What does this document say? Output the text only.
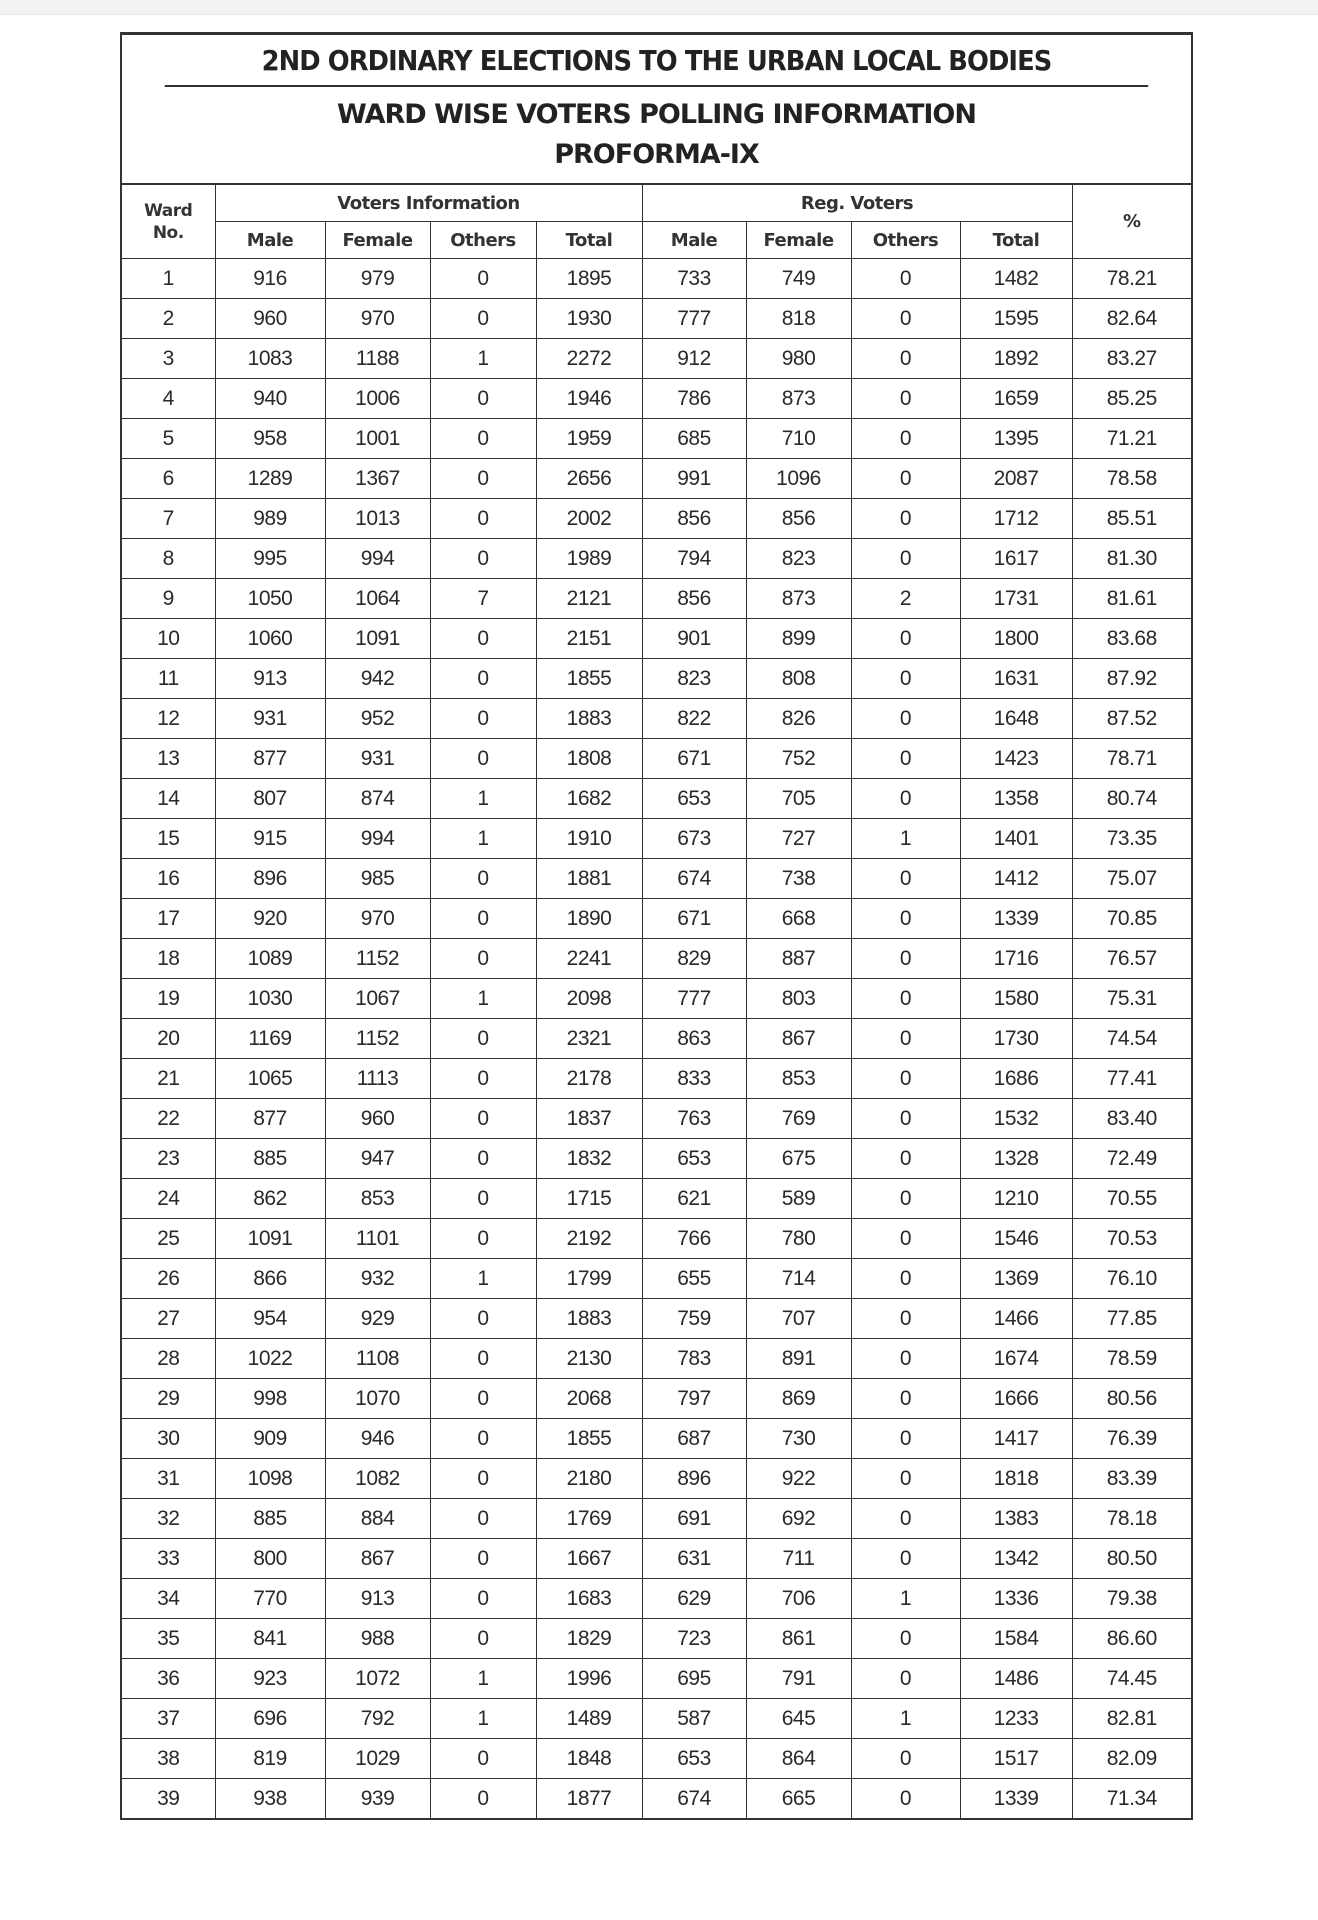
2ND ORDINARY ELECTIONS TO THE URBAN LOCAL BODIES
WARD WISE VOTERS POLLING INFORMATION
PROFORMA-IX
Ward
No.	Voters Information				Reg. Voters				%
	Male	Female	Others	Total	Male	Female	Others	Total	
1	916	979	0	1895	733	749	0	1482	78.21
2	960	970	0	1930	777	818	0	1595	82.64
3	1083	1188	1	2272	912	980	0	1892	83.27
4	940	1006	0	1946	786	873	0	1659	85.25
5	958	1001	0	1959	685	710	0	1395	71.21
6	1289	1367	0	2656	991	1096	0	2087	78.58
7	989	1013	0	2002	856	856	0	1712	85.51
8	995	994	0	1989	794	823	0	1617	81.30
9	1050	1064	7	2121	856	873	2	1731	81.61
10	1060	1091	0	2151	901	899	0	1800	83.68
11	913	942	0	1855	823	808	0	1631	87.92
12	931	952	0	1883	822	826	0	1648	87.52
13	877	931	0	1808	671	752	0	1423	78.71
14	807	874	1	1682	653	705	0	1358	80.74
15	915	994	1	1910	673	727	1	1401	73.35
16	896	985	0	1881	674	738	0	1412	75.07
17	920	970	0	1890	671	668	0	1339	70.85
18	1089	1152	0	2241	829	887	0	1716	76.57
19	1030	1067	1	2098	777	803	0	1580	75.31
20	1169	1152	0	2321	863	867	0	1730	74.54
21	1065	1113	0	2178	833	853	0	1686	77.41
22	877	960	0	1837	763	769	0	1532	83.40
23	885	947	0	1832	653	675	0	1328	72.49
24	862	853	0	1715	621	589	0	1210	70.55
25	1091	1101	0	2192	766	780	0	1546	70.53
26	866	932	1	1799	655	714	0	1369	76.10
27	954	929	0	1883	759	707	0	1466	77.85
28	1022	1108	0	2130	783	891	0	1674	78.59
29	998	1070	0	2068	797	869	0	1666	80.56
30	909	946	0	1855	687	730	0	1417	76.39
31	1098	1082	0	2180	896	922	0	1818	83.39
32	885	884	0	1769	691	692	0	1383	78.18
33	800	867	0	1667	631	711	0	1342	80.50
34	770	913	0	1683	629	706	1	1336	79.38
35	841	988	0	1829	723	861	0	1584	86.60
36	923	1072	1	1996	695	791	0	1486	74.45
37	696	792	1	1489	587	645	1	1233	82.81
38	819	1029	0	1848	653	864	0	1517	82.09
39	938	939	0	1877	674	665	0	1339	71.34
